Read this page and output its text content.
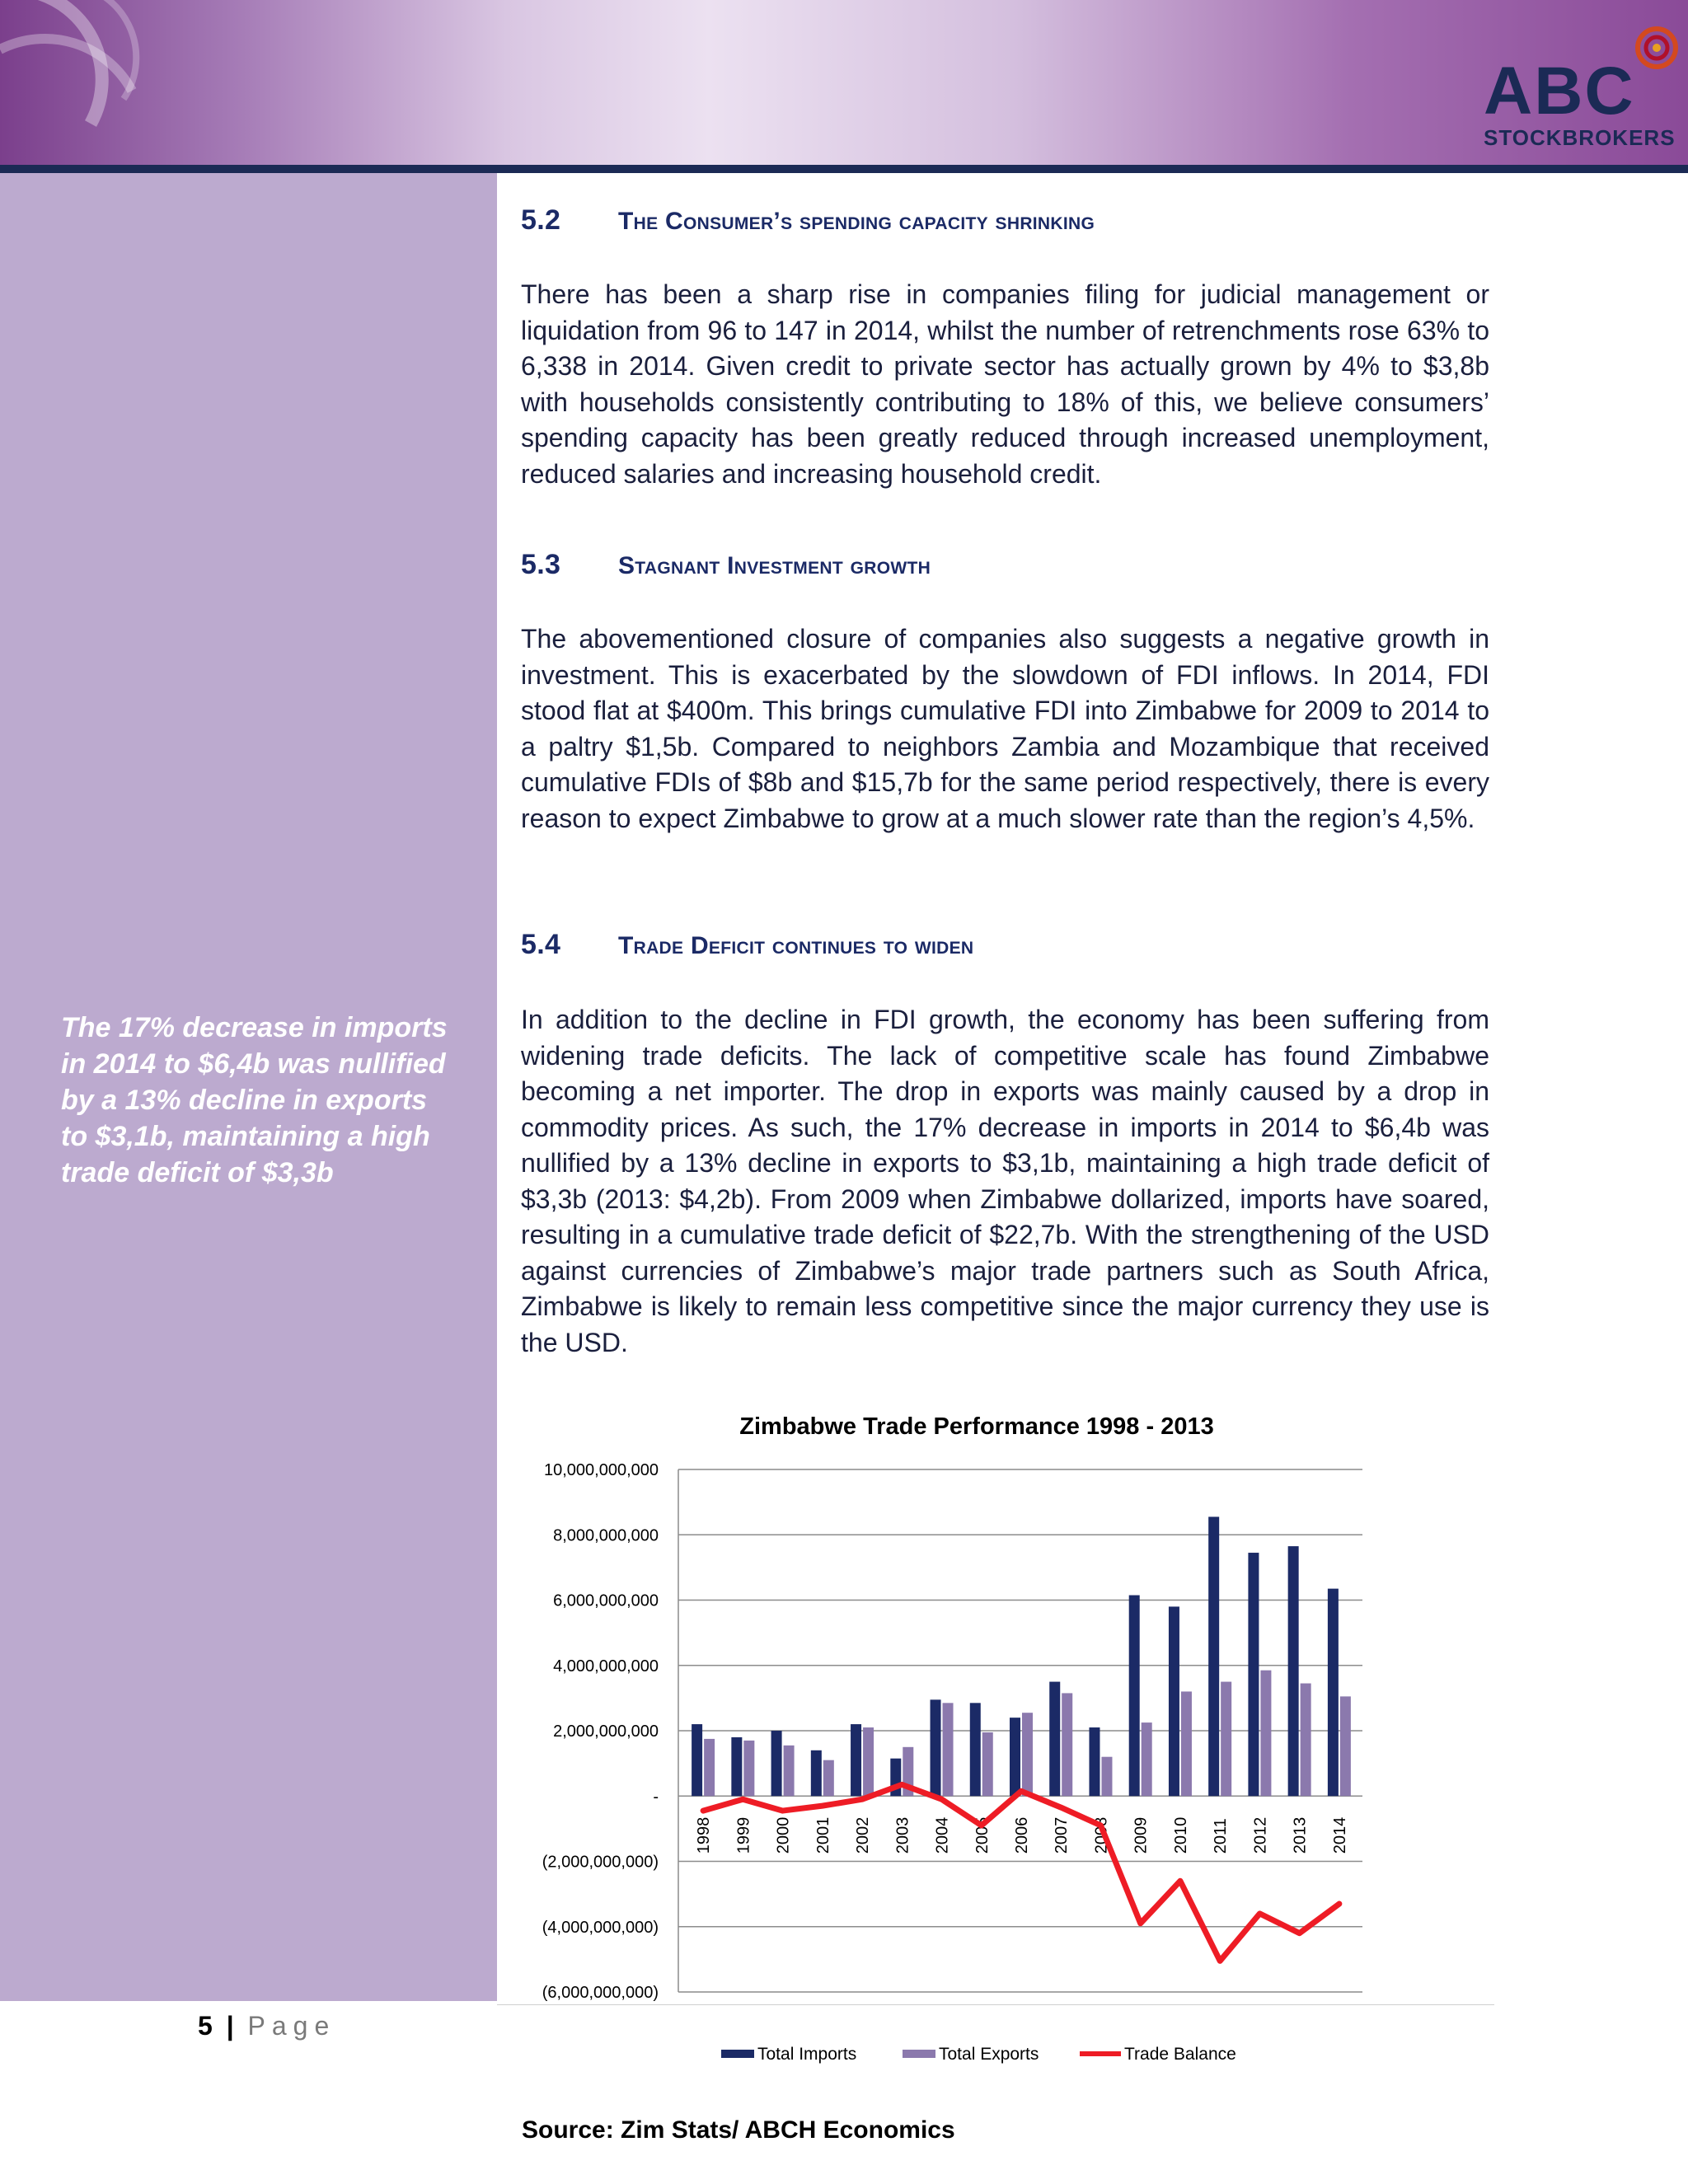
ABC
STOCKBROKERS
The 17% decrease in imports in 2014 to $6,4b was nullified by a 13% decline in exports to $3,1b, maintaining a high trade deficit of $3,3b
5.2 The Consumer’s spending capacity shrinking

There has been a sharp rise in companies filing for judicial management or liquidation from 96 to 147 in 2014, whilst the number of retrenchments rose 63% to 6,338 in 2014. Given credit to private sector has actually grown by 4% to $3,8b with households consistently contributing to 18% of this, we believe consumers’ spending capacity has been greatly reduced through increased unemployment, reduced salaries and increasing household credit.

5.3 Stagnant Investment growth

The abovementioned closure of companies also suggests a negative growth in investment. This is exacerbated by the slowdown of FDI inflows. In 2014, FDI stood flat at $400m. This brings cumulative FDI into Zimbabwe for 2009 to 2014 to a paltry $1,5b. Compared to neighbors Zambia and Mozambique that received cumulative FDIs of $8b and $15,7b for the same period respectively, there is every reason to expect Zimbabwe to grow at a much slower rate than the region’s 4,5%.

5.4 Trade Deficit continues to widen

In addition to the decline in FDI growth, the economy has been suffering from widening trade deficits. The lack of competitive scale has found Zimbabwe becoming a net importer. The drop in exports was mainly caused by a drop in commodity prices. As such, the 17% decrease in imports in 2014 to $6,4b was nullified by a 13% decline in exports to $3,1b, maintaining a high trade deficit of $3,3b (2013: $4,2b). From 2009 when Zimbabwe dollarized, imports have soared, resulting in a cumulative trade deficit of $22,7b. With the strengthening of the USD against currencies of Zimbabwe’s major trade partners such as South Africa, Zimbabwe is likely to remain less competitive since the major currency they use is the USD.

Zimbabwe Trade Performance 1998 - 2013
10,000,000,000
8,000,000,000
6,000,000,000
4,000,000,000
2,000,000,000
-
(2,000,000,000)
(4,000,000,000)
(6,000,000,000)
1998 1999 2000 2001 2002 2003 2004 2005 2006 2007 2008 2009 2010 2011 2012 2013 2014
Total Imports	Total Exports	Trade Balance
5 | Page
Source: Zim Stats/ ABCH Economics
